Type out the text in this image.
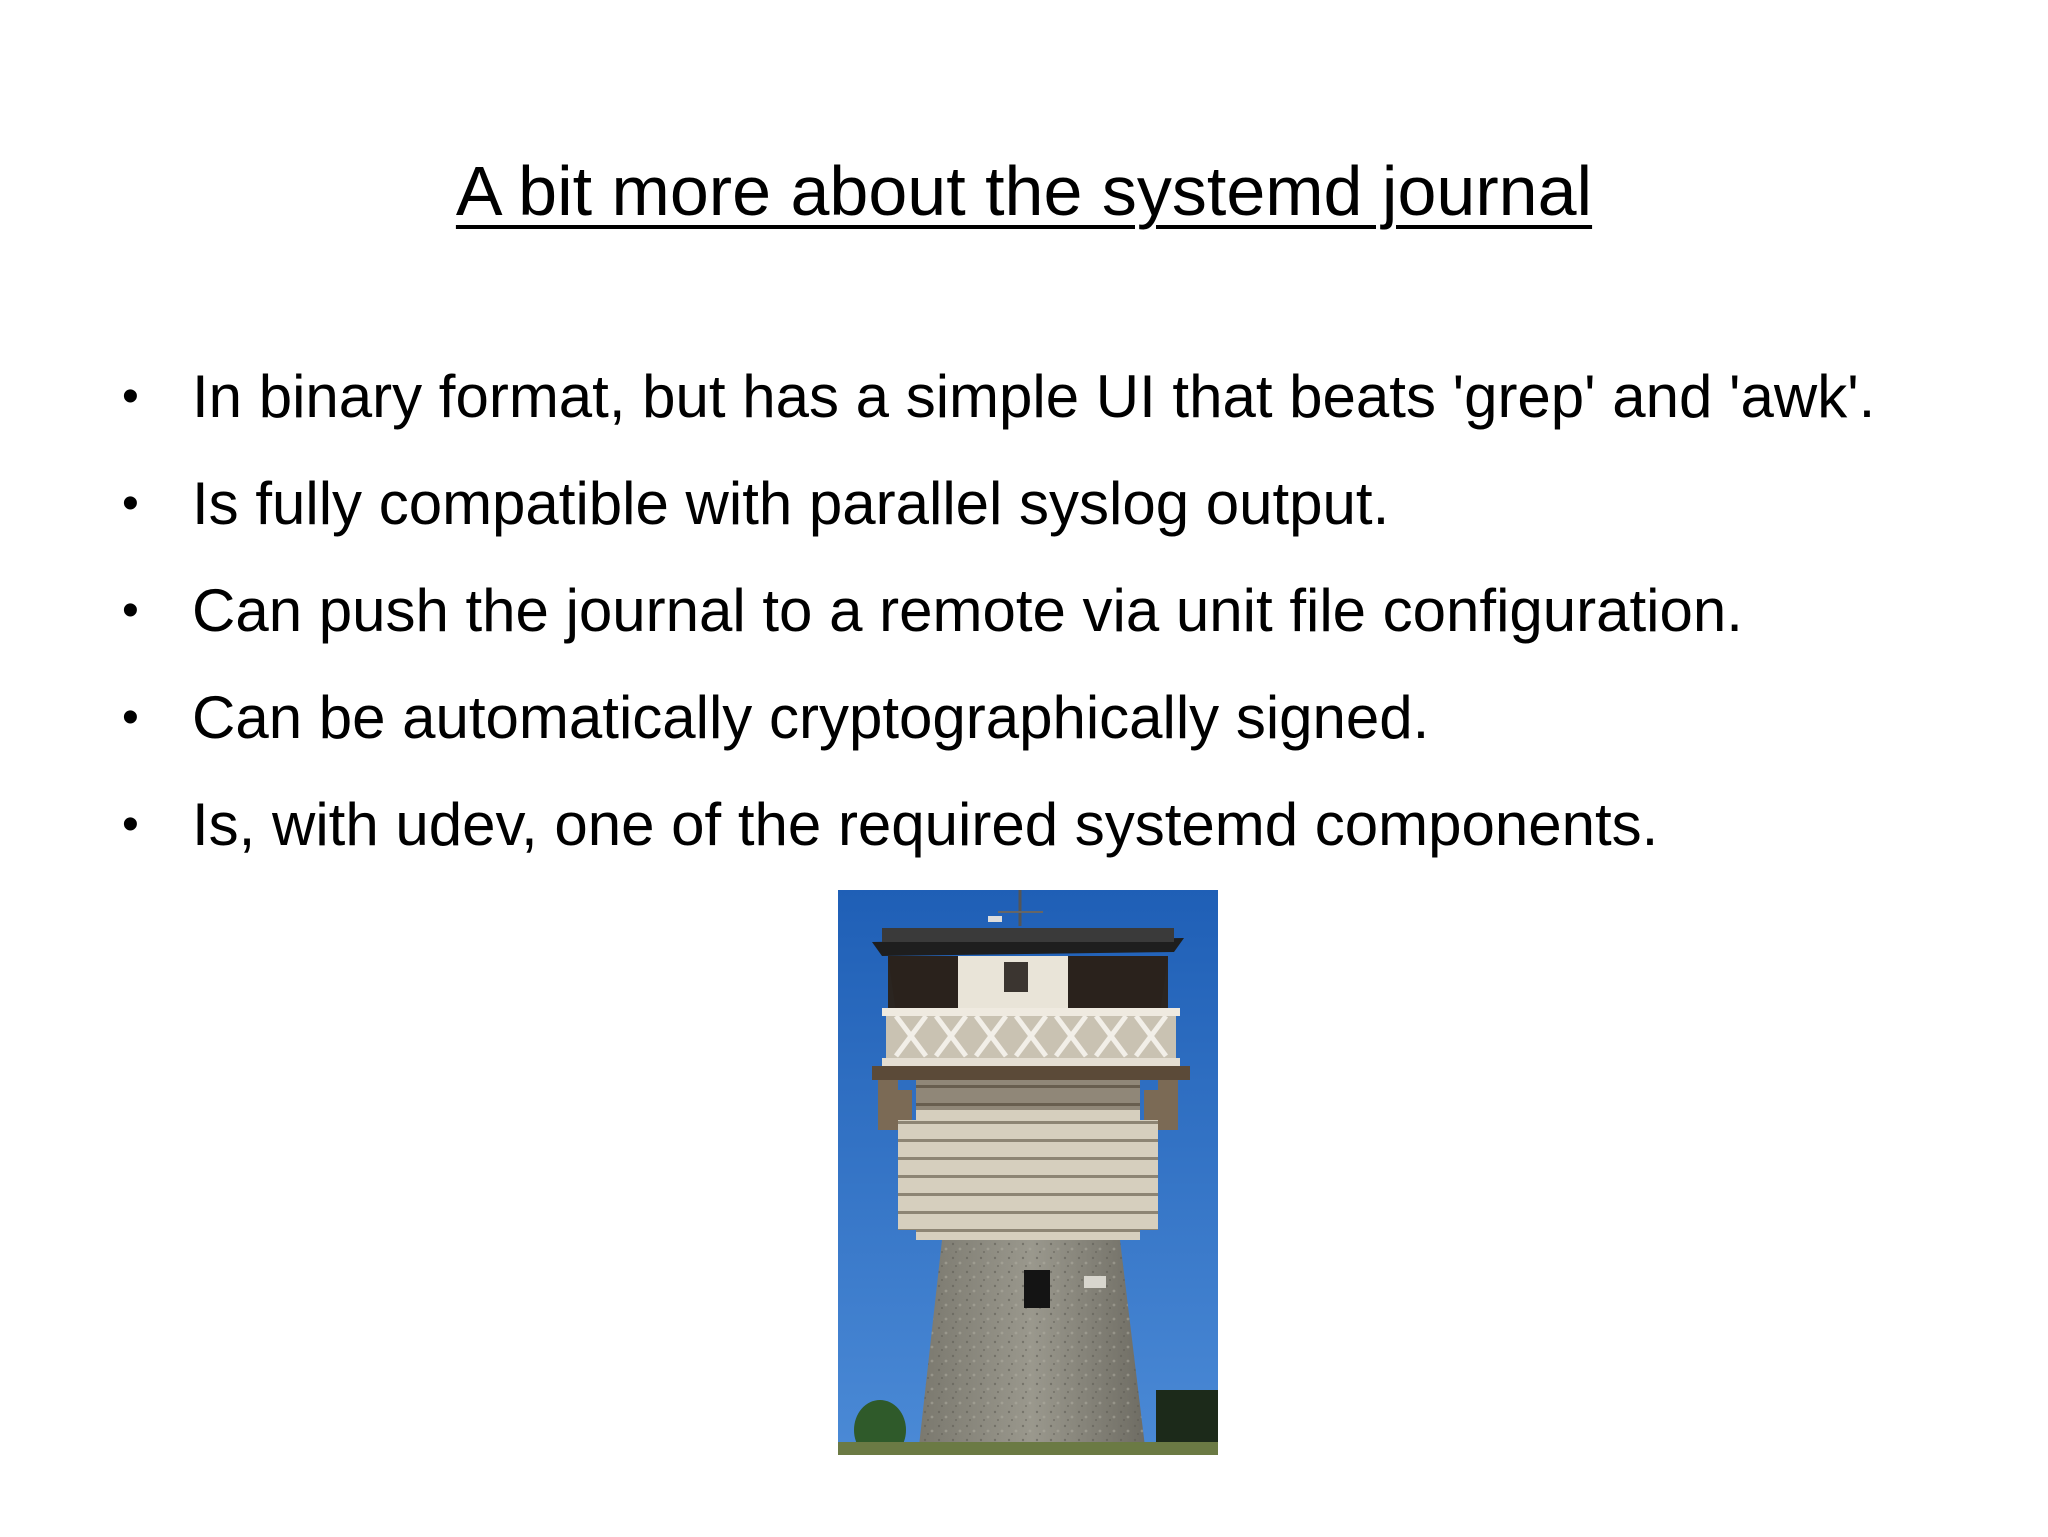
A bit more about the systemd journal
• In binary format, but has a simple UI that beats 'grep' and 'awk'.
• Is fully compatible with parallel syslog output.
• Can push the journal to a remote via unit file configuration.
• Can be automatically cryptographically signed.
• Is, with udev, one of the required systemd components.
